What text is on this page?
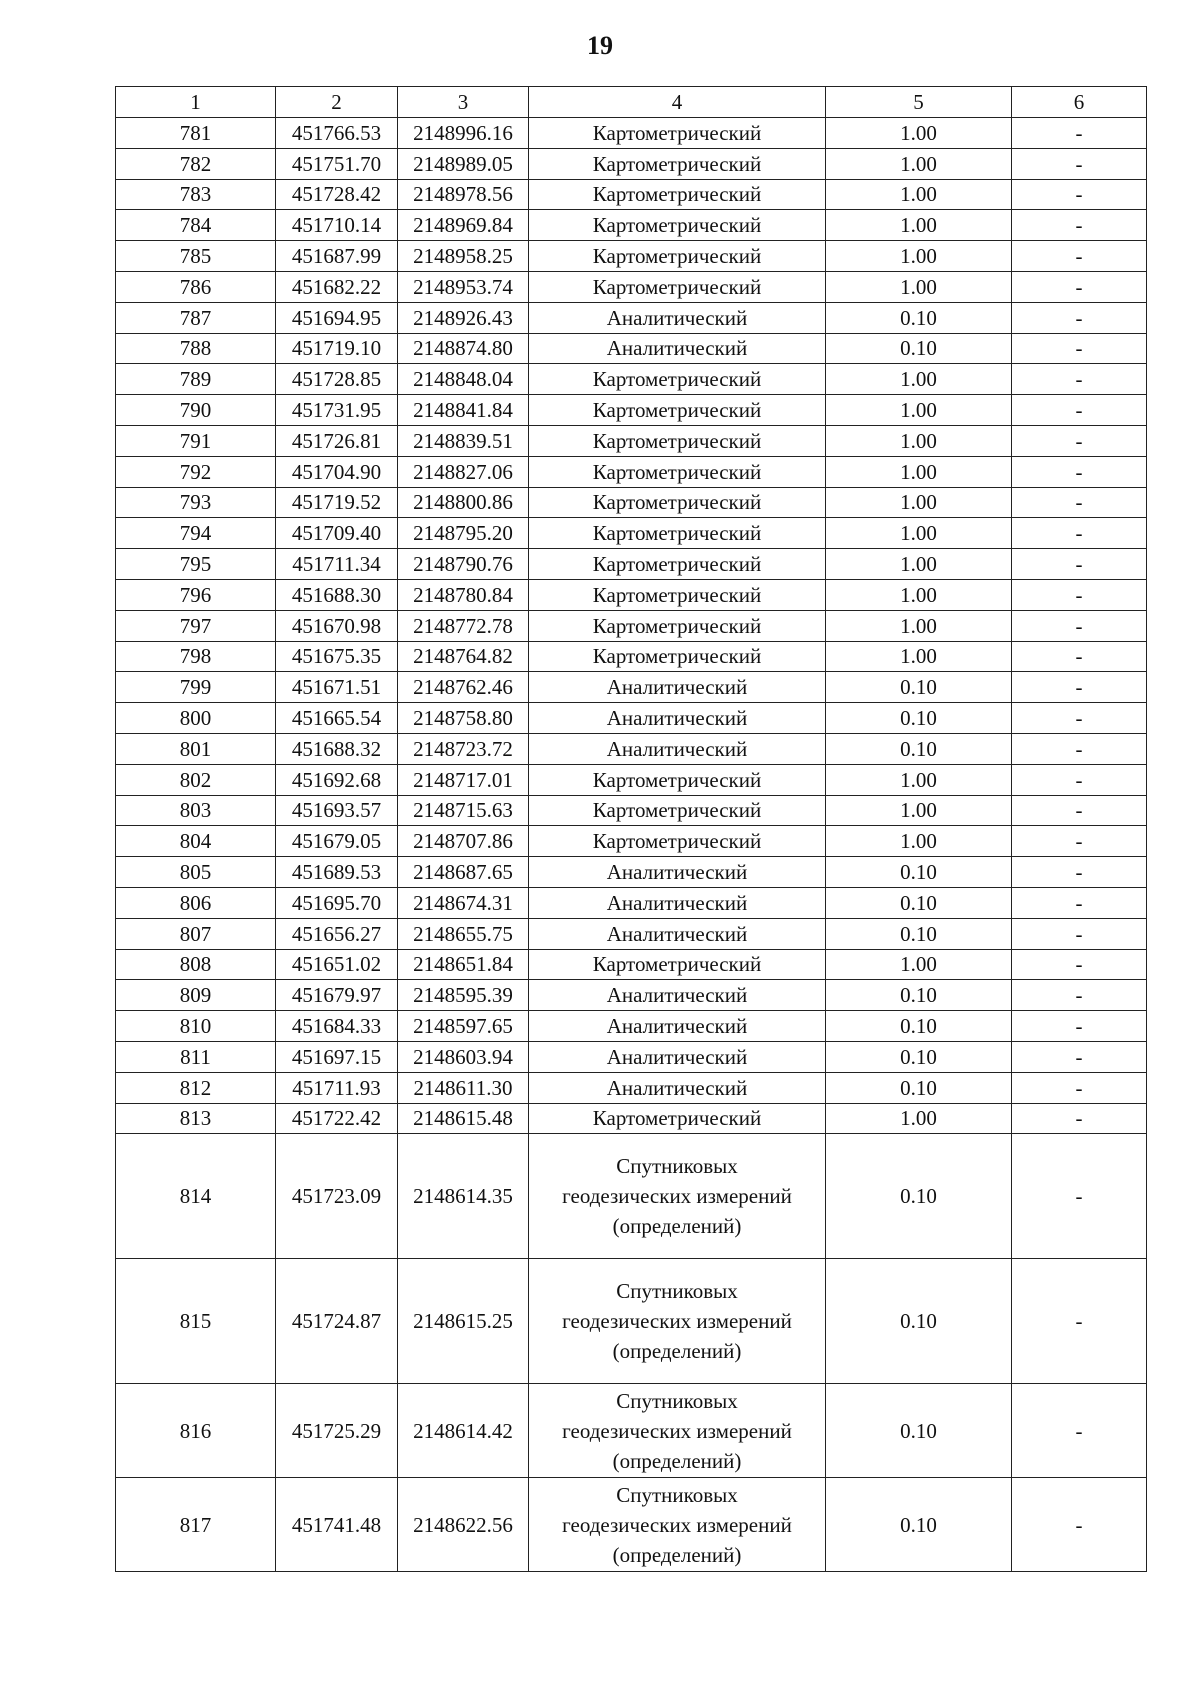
19
1	2	3	4	5	6
781	451766.53	2148996.16	Картометрический	1.00	-
782	451751.70	2148989.05	Картометрический	1.00	-
783	451728.42	2148978.56	Картометрический	1.00	-
784	451710.14	2148969.84	Картометрический	1.00	-
785	451687.99	2148958.25	Картометрический	1.00	-
786	451682.22	2148953.74	Картометрический	1.00	-
787	451694.95	2148926.43	Аналитический	0.10	-
788	451719.10	2148874.80	Аналитический	0.10	-
789	451728.85	2148848.04	Картометрический	1.00	-
790	451731.95	2148841.84	Картометрический	1.00	-
791	451726.81	2148839.51	Картометрический	1.00	-
792	451704.90	2148827.06	Картометрический	1.00	-
793	451719.52	2148800.86	Картометрический	1.00	-
794	451709.40	2148795.20	Картометрический	1.00	-
795	451711.34	2148790.76	Картометрический	1.00	-
796	451688.30	2148780.84	Картометрический	1.00	-
797	451670.98	2148772.78	Картометрический	1.00	-
798	451675.35	2148764.82	Картометрический	1.00	-
799	451671.51	2148762.46	Аналитический	0.10	-
800	451665.54	2148758.80	Аналитический	0.10	-
801	451688.32	2148723.72	Аналитический	0.10	-
802	451692.68	2148717.01	Картометрический	1.00	-
803	451693.57	2148715.63	Картометрический	1.00	-
804	451679.05	2148707.86	Картометрический	1.00	-
805	451689.53	2148687.65	Аналитический	0.10	-
806	451695.70	2148674.31	Аналитический	0.10	-
807	451656.27	2148655.75	Аналитический	0.10	-
808	451651.02	2148651.84	Картометрический	1.00	-
809	451679.97	2148595.39	Аналитический	0.10	-
810	451684.33	2148597.65	Аналитический	0.10	-
811	451697.15	2148603.94	Аналитический	0.10	-
812	451711.93	2148611.30	Аналитический	0.10	-
813	451722.42	2148615.48	Картометрический	1.00	-
814	451723.09	2148614.35	Спутниковых
геодезических измерений
(определений)	0.10	-
815	451724.87	2148615.25	Спутниковых
геодезических измерений
(определений)	0.10	-
816	451725.29	2148614.42	Спутниковых
геодезических измерений
(определений)	0.10	-
817	451741.48	2148622.56	Спутниковых
геодезических измерений
(определений)	0.10	-
